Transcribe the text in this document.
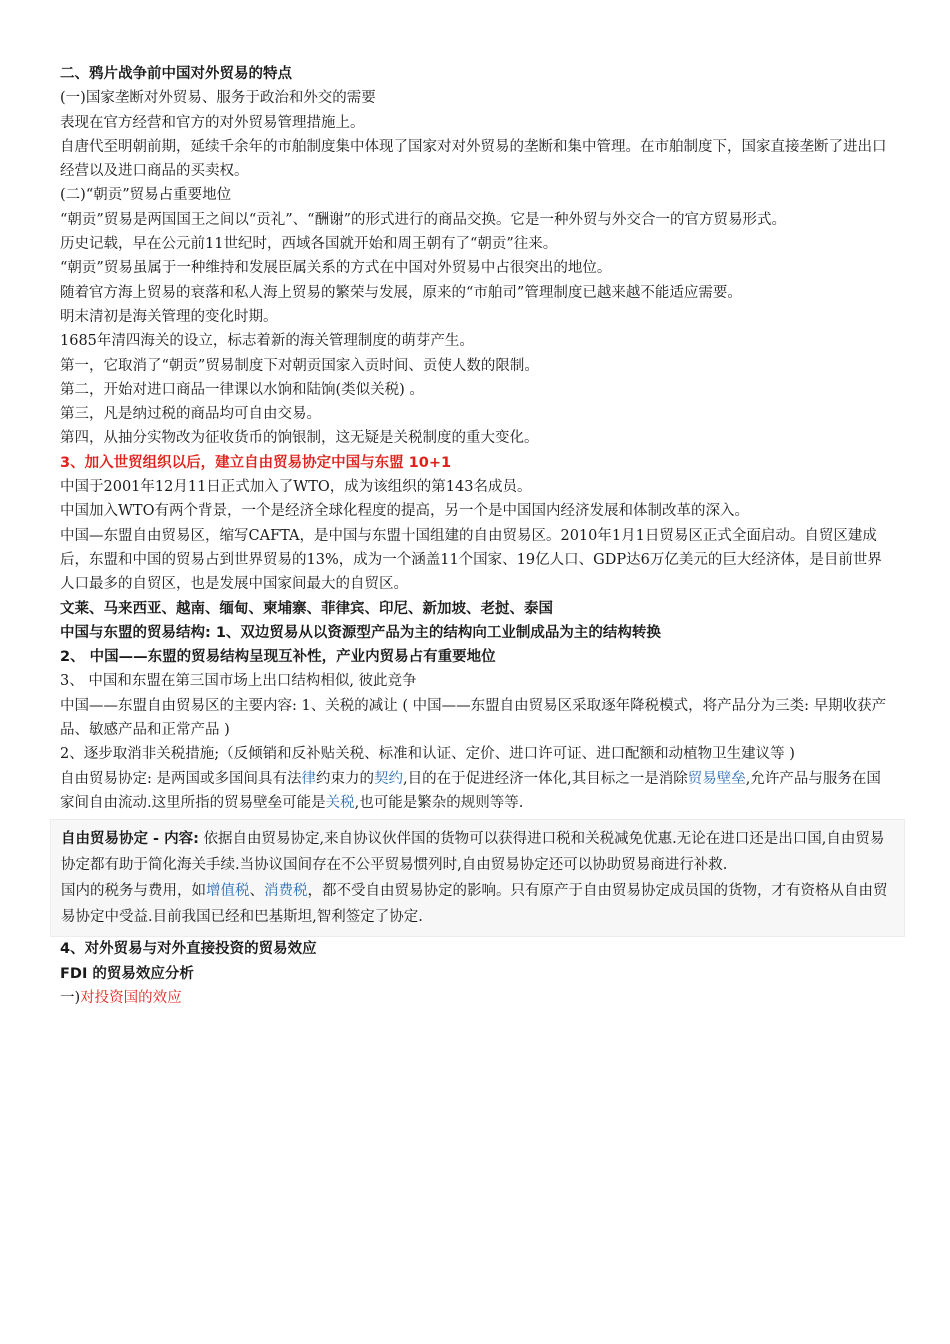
二、鸦片战争前中国对外贸易的特点

(一)国家垄断对外贸易、服务于政治和外交的需要

表现在官方经营和官方的对外贸易管理措施上。

自唐代至明朝前期，延续千余年的市舶制度集中体现了国家对对外贸易的垄断和集中管理。在市舶制度下，国家直接垄断了进出口经营以及进口商品的买卖权。

(二)“朝贡”贸易占重要地位

“朝贡”贸易是两国国王之间以“贡礼”、“酬谢”的形式进行的商品交换。它是一种外贸与外交合一的官方贸易形式。

历史记载，早在公元前11世纪时，西域各国就开始和周王朝有了“朝贡”往来。

“朝贡”贸易虽属于一种维持和发展臣属关系的方式在中国对外贸易中占很突出的地位。

随着官方海上贸易的衰落和私人海上贸易的繁荣与发展，原来的“市舶司”管理制度已越来越不能适应需要。

明末清初是海关管理的变化时期。

1685年清四海关的设立，标志着新的海关管理制度的萌芽产生。

第一，它取消了“朝贡”贸易制度下对朝贡国家入贡时间、贡使人数的限制。

第二，开始对进口商品一律课以水饷和陆饷(类似关税) 。

第三，凡是纳过税的商品均可自由交易。

第四，从抽分实物改为征收货币的饷银制，这无疑是关税制度的重大变化。

3、加入世贸组织以后，建立自由贸易协定中国与东盟 10+1

中国于2001年12月11日正式加入了WTO，成为该组织的第143名成员。

中国加入WTO有两个背景，一个是经济全球化程度的提高，另一个是中国国内经济发展和体制改革的深入。

中国—东盟自由贸易区，缩写CAFTA，是中国与东盟十国组建的自由贸易区。2010年1月1日贸易区正式全面启动。自贸区建成后，东盟和中国的贸易占到世界贸易的13%，成为一个涵盖11个国家、19亿人口、GDP达6万亿美元的巨大经济体，是目前世界人口最多的自贸区，也是发展中国家间最大的自贸区。

文莱、马来西亚、越南、缅甸、柬埔寨、菲律宾、印尼、新加坡、老挝、泰国

中国与东盟的贸易结构: 1、双边贸易从以资源型产品为主的结构向工业制成品为主的结构转换

2、 中国——东盟的贸易结构呈现互补性，产业内贸易占有重要地位

3、 中国和东盟在第三国市场上出口结构相似, 彼此竞争

中国——东盟自由贸易区的主要内容: 1、关税的减让 ( 中国——东盟自由贸易区采取逐年降税模式，将产品分为三类: 早期收获产品、敏感产品和正常产品 )

2、逐步取消非关税措施;（反倾销和反补贴关税、标准和认证、定价、进口许可证、进口配额和动植物卫生建议等 )

自由贸易协定: 是两国或多国间具有法律约束力的契约,目的在于促进经济一体化,其目标之一是消除贸易壁垒,允许产品与服务在国家间自由流动.这里所指的贸易壁垒可能是关税,也可能是繁杂的规则等等.

自由贸易协定 - 内容: 依据自由贸易协定,来自协议伙伴国的货物可以获得进口税和关税减免优惠.无论在进口还是出口国,自由贸易协定都有助于简化海关手续.当协议国间存在不公平贸易惯列时,自由贸易协定还可以协助贸易商进行补救.

国内的税务与费用，如增值税、消费税，都不受自由贸易协定的影响。只有原产于自由贸易协定成员国的货物，才有资格从自由贸易协定中受益.目前我国已经和巴基斯坦,智利签定了协定.

4、对外贸易与对外直接投资的贸易效应

FDI 的贸易效应分析

一)对投资国的效应
